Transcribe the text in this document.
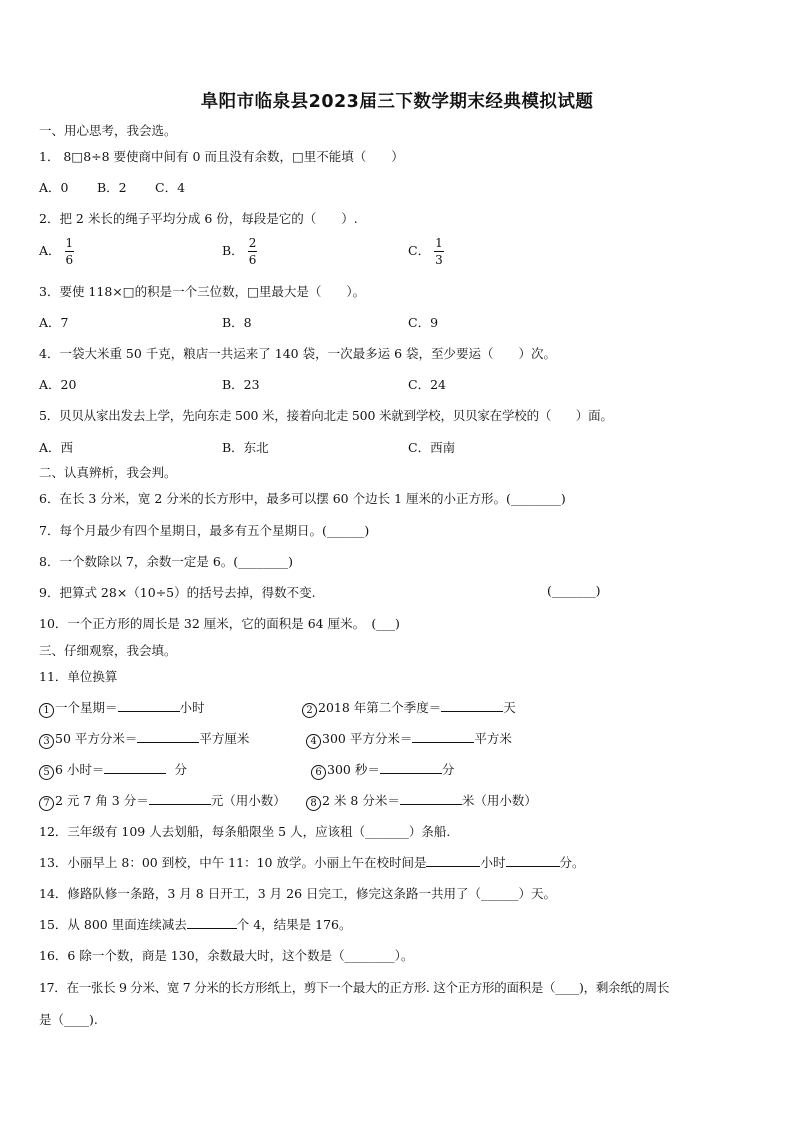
阜阳市临泉县2023届三下数学期末经典模拟试题
一、用心思考，我会选。
1． 8□8÷8 要使商中间有 0 而且没有余数，□里不能填（　　）
A．0 B．2 C．4
2．把 2 米长的绳子平均分成 6 份，每段是它的（　　）.
A． $\frac{1}{6}$	B． $\frac{2}{6}$	C． $\frac{1}{3}$
3．要使 118×□的积是一个三位数，□里最大是（　　）。
A．7	B．8	C．9
4．一袋大米重 50 千克，粮店一共运来了 140 袋，一次最多运 6 袋，至少要运（　　）次。
A．20	B．23	C．24
5．贝贝从家出发去上学，先向东走 500 米，接着向北走 500 米就到学校，贝贝家在学校的（　　）面。
A．西	B．东北	C．西南
二、认真辨析，我会判。
6．在长 3 分米，宽 2 分米的长方形中，最多可以摆 60 个边长 1 厘米的小正方形。(________)
7．每个月最少有四个星期日，最多有五个星期日。(______)
8．一个数除以 7，余数一定是 6。(________)
9．把算式 28×（10÷5）的括号去掉，得数不变.	(_______)
10．一个正方形的周长是 32 厘米，它的面积是 64 厘米。　(___)
三、仔细观察，我会填。
11．单位换算
1 一个星期＝	小时	2 2018 年第二个季度＝	天
3 50 平方分米＝	平方厘米	4 300 平方分米＝	平方米
5 6 小时＝	分	6 300 秒＝	分
7 2 元 7 角 3 分＝	元（用小数）	8 2 米 8 分米＝	米（用小数）
12．三年级有 109 人去划船，每条船限坐 5 人，应该租（_______）条船.
13．小丽早上 8：00 到校，中午 11：10 放学。小丽上午在校时间是	小时	分。
14．修路队修一条路，3 月 8 日开工，3 月 26 日完工，修完这条路一共用了（______）天。
15．从 800 里面连续减去	个 4，结果是 176。
16．6 除一个数，商是 130，余数最大时，这个数是（________）。
17．在一张长 9 分米、宽 7 分米的长方形纸上，剪下一个最大的正方形. 这个正方形的面积是（____)，剩余纸的周长
是（____).
